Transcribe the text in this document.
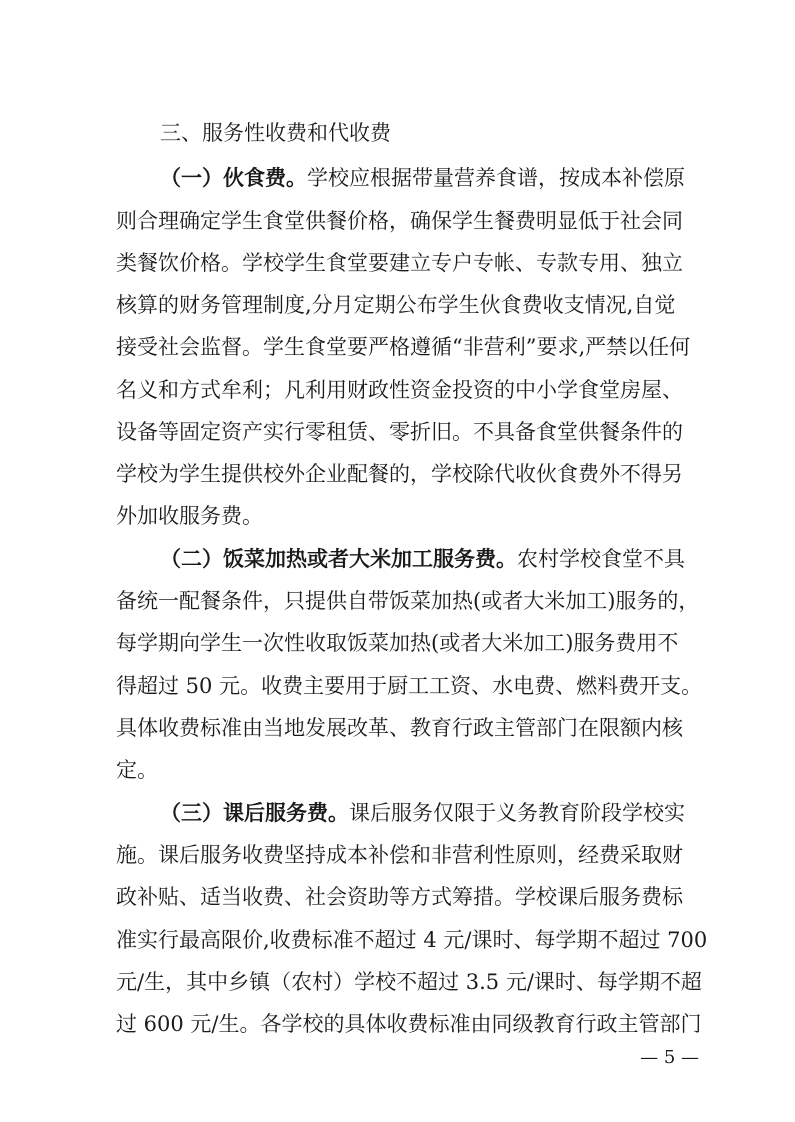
三、服务性收费和代收费
（一）伙食费。学校应根据带量营养食谱，按成本补偿原
则合理确定学生食堂供餐价格，确保学生餐费明显低于社会同
类餐饮价格。学校学生食堂要建立专户专帐、专款专用、独立
核算的财务管理制度,分月定期公布学生伙食费收支情况,自觉
接受社会监督。学生食堂要严格遵循“非营利”要求,严禁以任何
名义和方式牟利；凡利用财政性资金投资的中小学食堂房屋、
设备等固定资产实行零租赁、零折旧。不具备食堂供餐条件的
学校为学生提供校外企业配餐的，学校除代收伙食费外不得另
外加收服务费。
（二）饭菜加热或者大米加工服务费。农村学校食堂不具
备统一配餐条件，只提供自带饭菜加热(或者大米加工)服务的，
每学期向学生一次性收取饭菜加热(或者大米加工)服务费用不
得超过 50 元。收费主要用于厨工工资、水电费、燃料费开支。
具体收费标准由当地发展改革、教育行政主管部门在限额内核
定。
（三）课后服务费。课后服务仅限于义务教育阶段学校实
施。课后服务收费坚持成本补偿和非营利性原则，经费采取财
政补贴、适当收费、社会资助等方式筹措。学校课后服务费标
准实行最高限价,收费标准不超过 4 元/课时、每学期不超过 700
元/生，其中乡镇（农村）学校不超过 3.5 元/课时、每学期不超
过 600 元/生。各学校的具体收费标准由同级教育行政主管部门
— 5 —
